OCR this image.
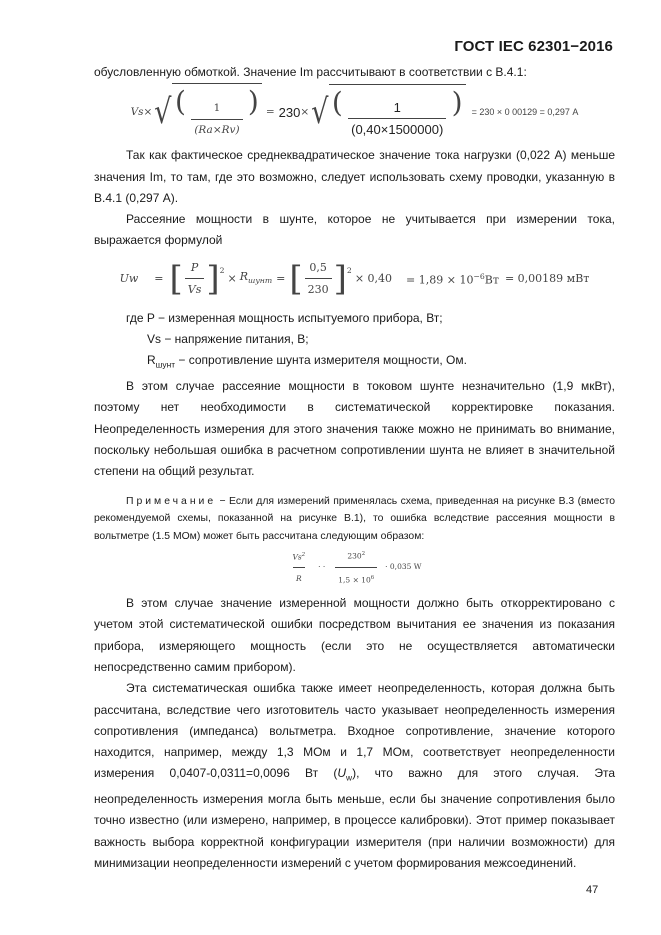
ГОСТ IEC 62301−2016

обусловленную обмоткой. Значение Im рассчитывают в соответствии с В.4.1:

Vs × √ ( $\frac{1}{(Ra\times Rv)}$ ) = 230 × √ ( $\frac{1}{(0,40\times 1500000)}$ )	= 230 × 0 00129 = 0,297 А

Так как фактическое среднеквадратическое значение тока нагрузки (0,022 А) меньше значения Im, то там, где это возможно, следует использовать схему проводки, указанную в В.4.1 (0,297 А).

Рассеяние мощности в шунте, которое не учитывается при измерении тока, выражается формулой

Uw = [ $\frac{P}{Vs} ]^2$
× $R_{шунт}$ = [ $\frac{0,5}{230} ]^2$
× $0,40 = 1,89 \times 10^{-6}Вт = 0,00189$ мВт

где P − измеренная мощность испытуемого прибора, Вт;

Vs − напряжение питания, В;

$R_{шунт}$ − сопротивление шунта измерителя мощности, Ом.

В этом случае рассеяние мощности в токовом шунте незначительно (1,9 мкВт), поэтому нет необходимости в систематической корректировке показания. Неопределенность измерения для этого значения также можно не принимать во внимание, поскольку небольшая ошибка в расчетном сопротивлении шунта не влияет в значительной степени на общий результат.

Примечание − Если для измерений применялась схема, приведенная на рисунке В.3 (вместо рекомендуемой схемы, показанной на рисунке В.1), то ошибка вследствие рассеяния мощности в вольтметре (1.5 МОм) может быть рассчитана следующим образом:

$\frac{Vs^2}{R}$ · · $\frac{230^2}{1,5 \times 10^6} \cdot 0,035$ W

В этом случае значение измеренной мощности должно быть откорректировано с учетом этой систематической ошибки посредством вычитания ее значения из показания прибора, измеряющего мощность (если это не осуществляется автоматически непосредственно самим прибором).

Эта систематическая ошибка также имеет неопределенность, которая должна быть рассчитана, вследствие чего изготовитель часто указывает неопределенность измерения сопротивления (импеданса) вольтметра. Входное сопротивление, значение которого находится, например, между 1,3 МОм и 1,7 МОм, соответствует неопределенности измерения 0,0407-0,0311=0,0096 Вт $(U_w)$, что важно для этого случая. Эта неопределенность измерения могла быть меньше, если бы значение сопротивления было точно известно (или измерено, например, в процессе калибровки). Этот пример показывает важность выбора корректной конфигурации измерителя (при наличии возможности) для минимизации неопределенности измерений с учетом формирования межсоединений.

47
